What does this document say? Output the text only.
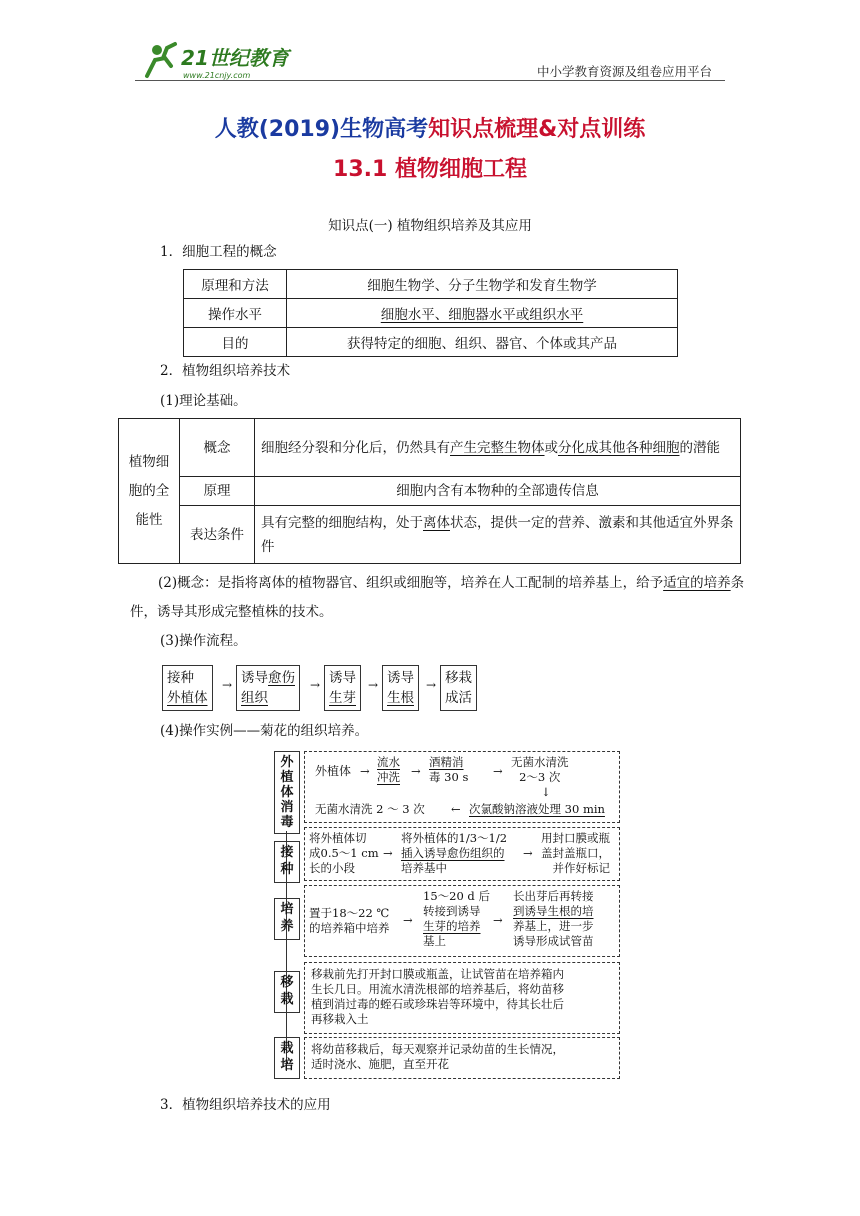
21世纪教育
www.21cnjy.com	中小学教育资源及组卷应用平台
人教(2019)生物高考知识点梳理&对点训练
13.1 植物细胞工程
知识点(一) 植物组织培养及其应用
1．细胞工程的概念
原理和方法	细胞生物学、分子生物学和发育生物学
操作水平	细胞水平、细胞器水平或组织水平
目的	获得特定的细胞、组织、器官、个体或其产品
2．植物组织培养技术
(1)理论基础。
植物细胞的全能性	概念	细胞经分裂和分化后，仍然具有产生完整生物体或分化成其他各种细胞的潜能
	原理	细胞内含有本物种的全部遗传信息
	表达条件	具有完整的细胞结构，处于离体状态，提供一定的营养、激素和其他适宜外界条件
(2)概念：是指将离体的植物器官、组织或细胞等，培养在人工配制的培养基上，给予适宜的培养条件，诱导其形成完整植株的技术。
(3)操作流程。
接种
外植体
→ 诱导愈伤
组织
→ 诱导
生芽
→ 诱导
生根
→ 移栽
成活
(4)操作实例——菊花的组织培养。
外植体消毒
外植体 →
流水
冲洗 →
酒精消
毒 30 s →
无菌水清洗
2～3 次
↓
无菌水清洗 2 ～ 3 次 ← 次氯酸钠溶液处理 30 min
接种
将外植体切
成0.5～1 cm
长的小段
→
将外植体的1/3～1/2
插入诱导愈伤组织的
培养基中
→
用封口膜或瓶
盖封盖瓶口，
并作好标记
培养
置于18～22 ℃
的培养箱中培养
→
15～20 d 后
转接到诱导
生芽的培养
基上
→
长出芽后再转接
到诱导生根的培
养基上，进一步
诱导形成试管苗
移栽
移栽前先打开封口膜或瓶盖，让试管苗在培养箱内
生长几日。用流水清洗根部的培养基后，将幼苗移
植到消过毒的蛭石或珍珠岩等环境中，待其长壮后
再移栽入土
栽培
将幼苗移栽后，每天观察并记录幼苗的生长情况，
适时浇水、施肥，直至开花
3．植物组织培养技术的应用
